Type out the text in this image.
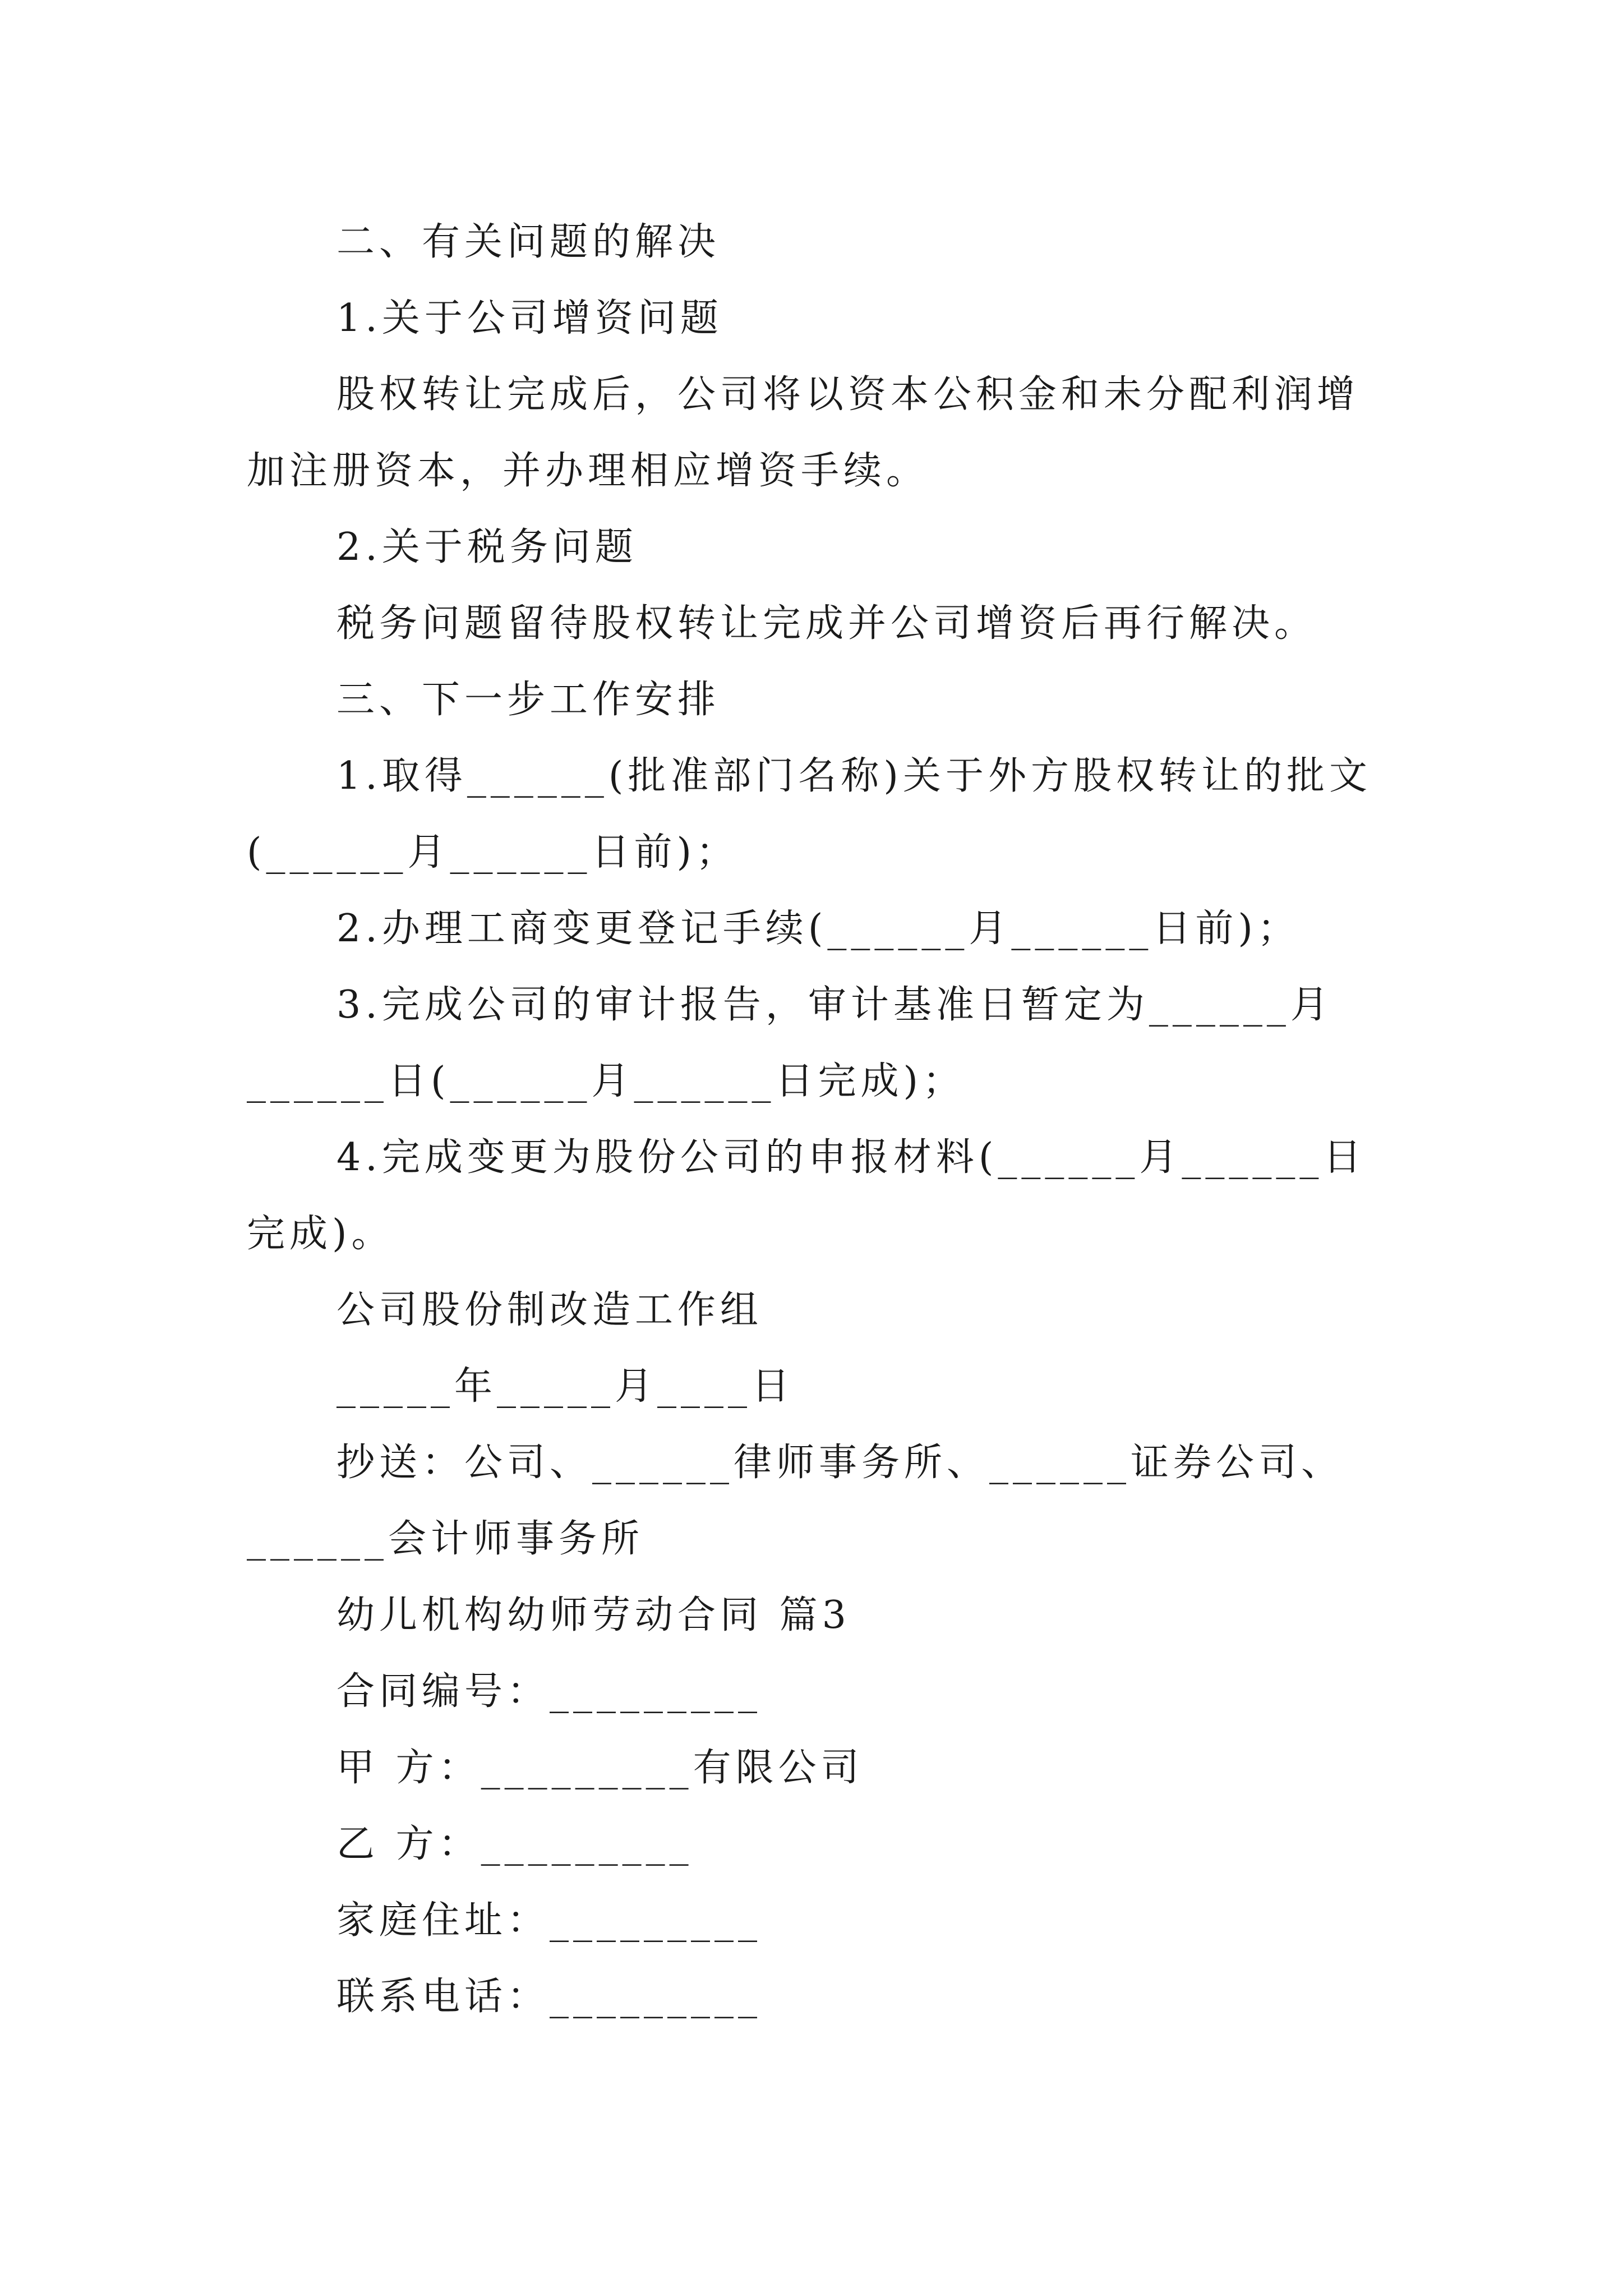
二、有关问题的解决
1.关于公司增资问题
股权转让完成后，公司将以资本公积金和未分配利润增
加注册资本，并办理相应增资手续。
2.关于税务问题
税务问题留待股权转让完成并公司增资后再行解决。
三、下一步工作安排
1.取得______(批准部门名称)关于外方股权转让的批文
(______月______日前)；
2.办理工商变更登记手续(______月______日前)；
3.完成公司的审计报告，审计基准日暂定为______月
______日(______月______日完成)；
4.完成变更为股份公司的申报材料(______月______日
完成)。
公司股份制改造工作组
_____年_____月____日
抄送：公司、______律师事务所、______证券公司、
______会计师事务所
幼儿机构幼师劳动合同 篇3
合同编号：_________
甲 方：_________有限公司
乙 方：_________
家庭住址：_________
联系电话：_________
